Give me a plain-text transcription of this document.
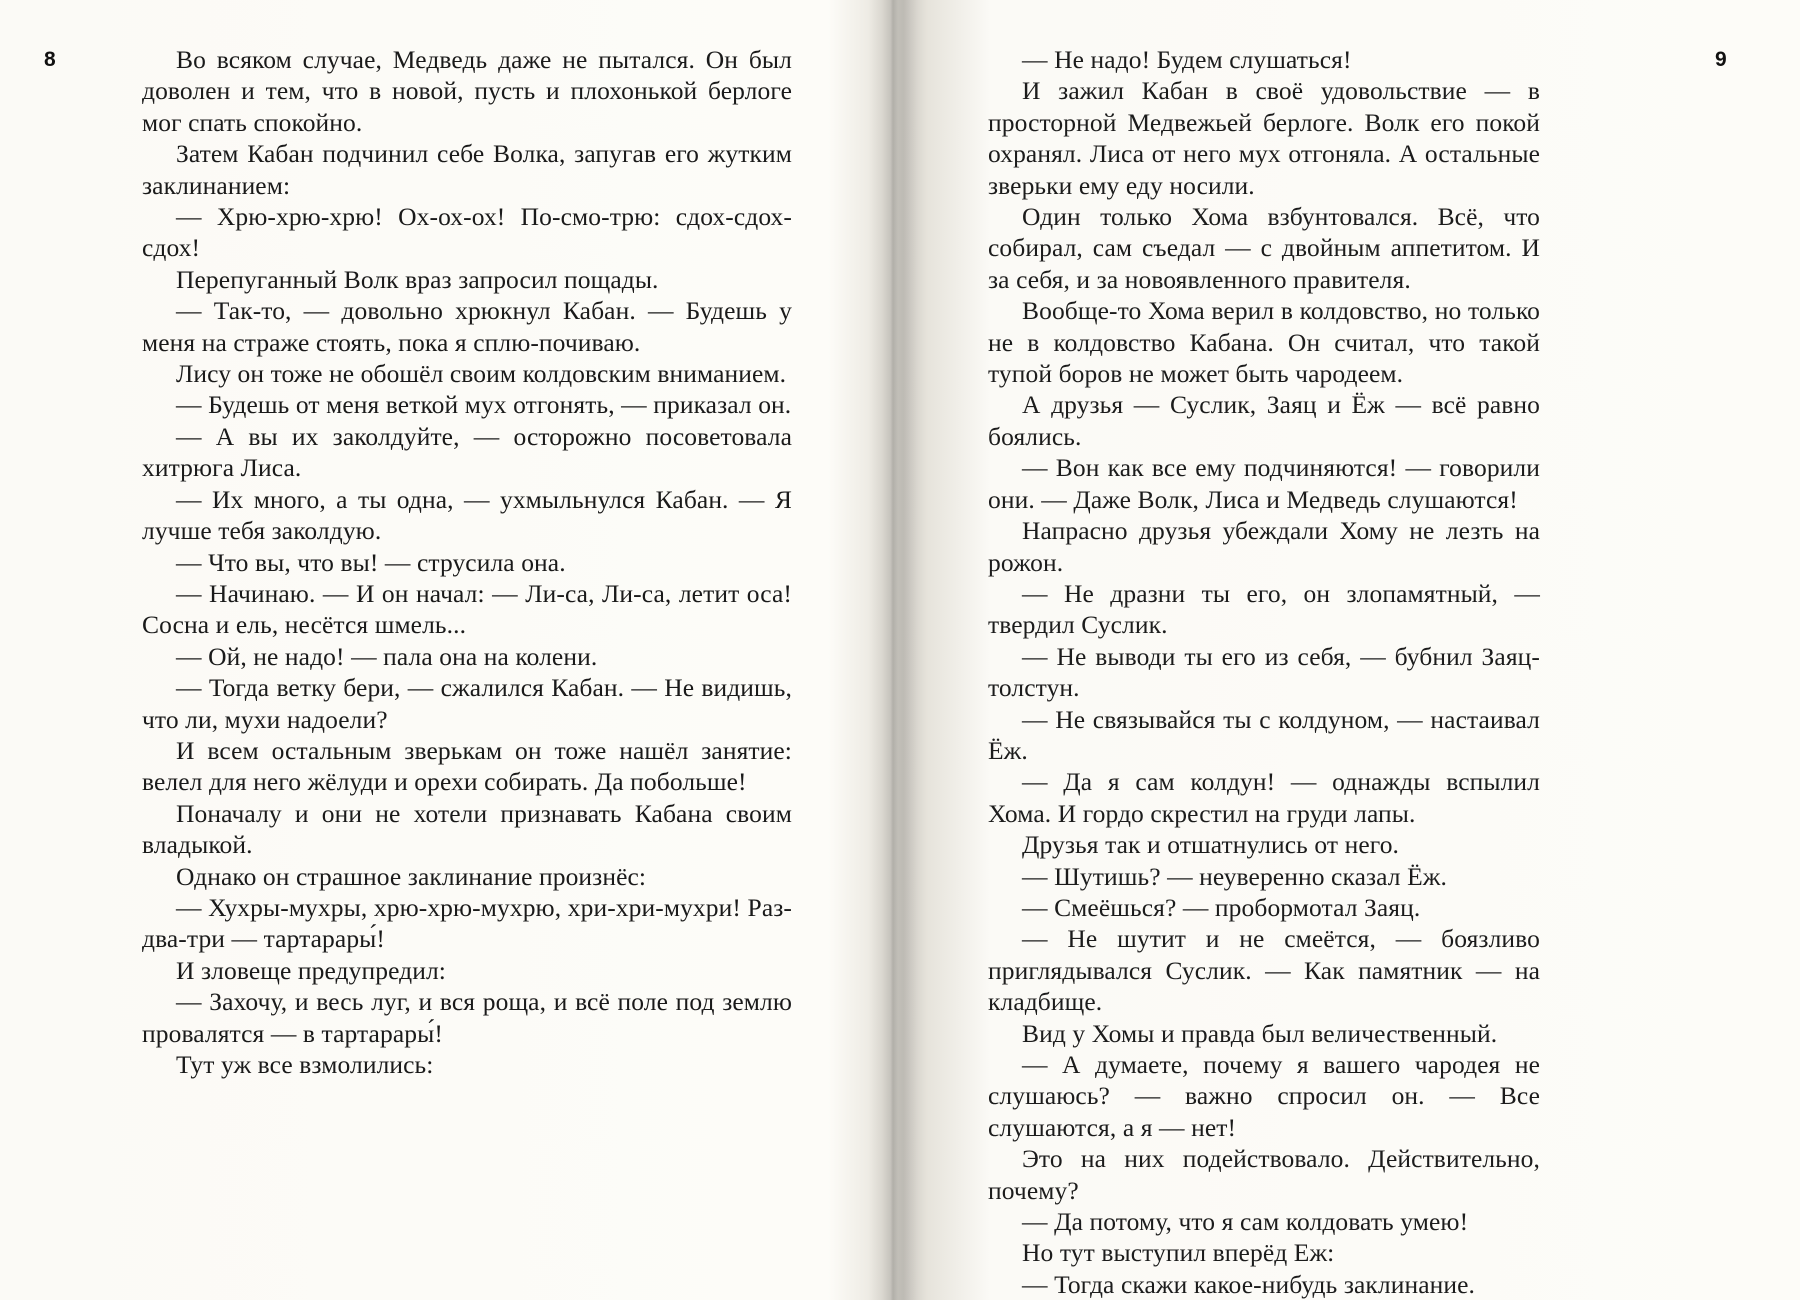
8	Во всяком случае, Медведь даже не пытался. Он был доволен и тем, что в новой, пусть и плохонькой берлоге мог спать спокойно.

Затем Кабан подчинил себе Волка, запугав его жутким заклинанием:

— Хрю-хрю-хрю! Ох-ох-ох! По-смо-трю: сдох-сдох-сдох!

Перепуганный Волк враз запросил пощады.

— Так-то, — довольно хрюкнул Кабан. — Будешь у меня на страже стоять, пока я сплю-почиваю.

Лису он тоже не обошёл своим колдовским вниманием.

— Будешь от меня веткой мух отгонять, — приказал он.

— А вы их заколдуйте, — осторожно посоветовала хитрюга Лиса.

— Их много, а ты одна, — ухмыльнулся Кабан. — Я лучше тебя заколдую.

— Что вы, что вы! — струсила она.

— Начинаю. — И он начал: — Ли-са, Ли-са, летит оса! Сосна и ель, несётся шмель...

— Ой, не надо! — пала она на колени.

— Тогда ветку бери, — сжалился Кабан. — Не видишь, что ли, мухи надоели?

И всем остальным зверькам он тоже нашёл занятие: велел для него жёлуди и орехи собирать. Да побольше!

Поначалу и они не хотели признавать Кабана своим владыкой.

Однако он страшное заклинание произнёс:

— Хухры-мухры, хрю-хрю-мухрю, хри-хри-мухри! Раз-два-три — тартарары́!

И зловеще предупредил:

— Захочу, и весь луг, и вся роща, и всё поле под землю провалятся — в тартарары́!

Тут уж все взмолились:

9

— Не надо! Будем слушаться!

И зажил Кабан в своё удовольствие — в просторной Медвежьей берлоге. Волк его покой охранял. Лиса от него мух отгоняла. А остальные зверьки ему еду носили.

Один только Хома взбунтовался. Всё, что собирал, сам съедал — с двойным аппетитом. И за себя, и за новоявленного правителя.

Вообще-то Хома верил в колдовство, но только не в колдовство Кабана. Он считал, что такой тупой боров не может быть чародеем.

А друзья — Суслик, Заяц и Ёж — всё равно боялись.

— Вон как все ему подчиняются! — говорили они. — Даже Волк, Лиса и Медведь слушаются!

Напрасно друзья убеждали Хому не лезть на рожон.

— Не дразни ты его, он злопамятный, — твердил Суслик.

— Не выводи ты его из себя, — бубнил Заяц-толстун.

— Не связывайся ты с колдуном, — настаивал Ёж.

— Да я сам колдун! — однажды вспылил Хома. И гордо скрестил на груди лапы.

Друзья так и отшатнулись от него.

— Шутишь? — неуверенно сказал Ёж.

— Смеёшься? — пробормотал Заяц.

— Не шутит и не смеётся, — боязливо приглядывался Суслик. — Как памятник — на кладбище.

Вид у Хомы и правда был величественный.

— А думаете, почему я вашего чародея не слушаюсь? — важно спросил он. — Все слушаются, а я — нет!

Это на них подействовало. Действительно, почему?

— Да потому, что я сам колдовать умею!

Но тут выступил вперёд Еж:

— Тогда скажи какое-нибудь заклинание.
